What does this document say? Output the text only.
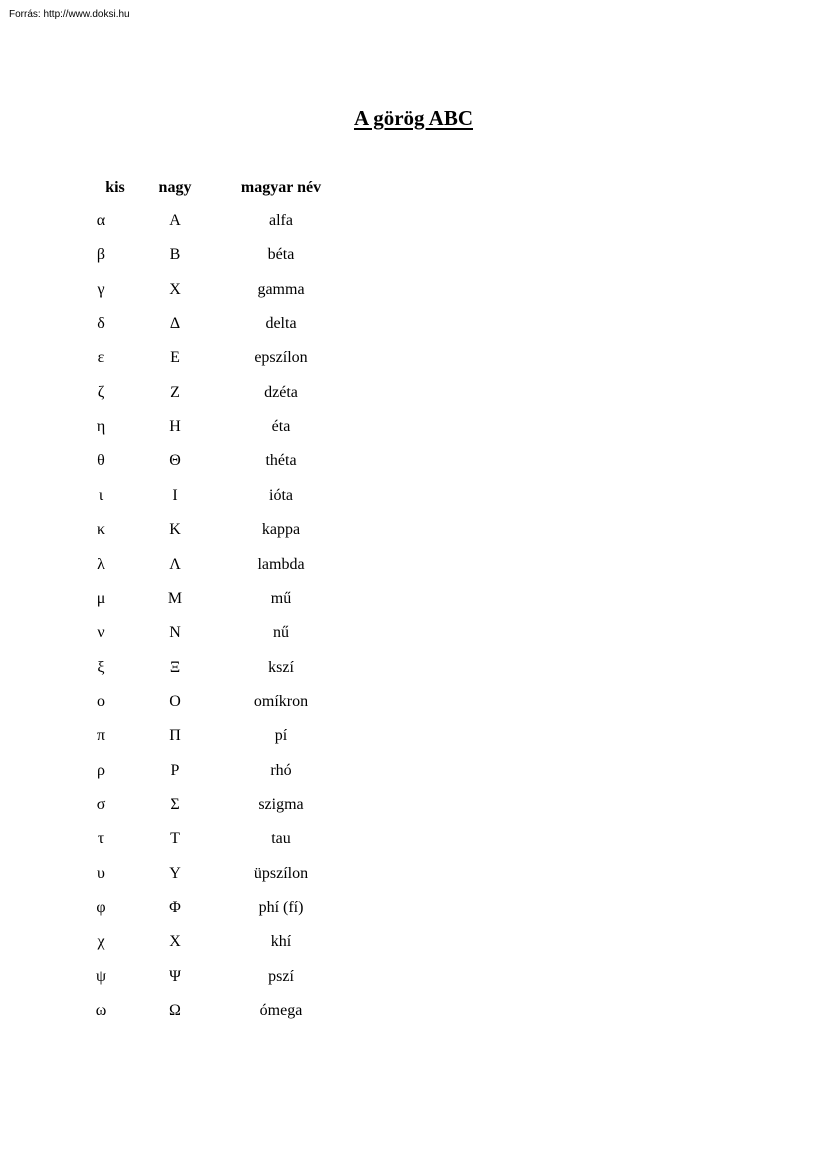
Forrás: http://www.doksi.hu
A görög ABC
kis	nagy	magyar név
α	Α	alfa
β	Β	béta
γ	Χ	gamma
δ	Δ	delta
ε	Ε	epszílon
ζ	Ζ	dzéta
η	Η	éta
θ	Θ	théta
ι	Ι	ióta
κ	Κ	kappa
λ	Λ	lambda
μ	Μ	mű
ν	Ν	nű
ξ	Ξ	kszí
ο	Ο	omíkron
π	Π	pí
ρ	Ρ	rhó
σ	Σ	szigma
τ	Τ	tau
υ	Υ	üpszílon
φ	Φ	phí (fí)
χ	Χ	khí
ψ	Ψ	pszí
ω	Ω	ómega
